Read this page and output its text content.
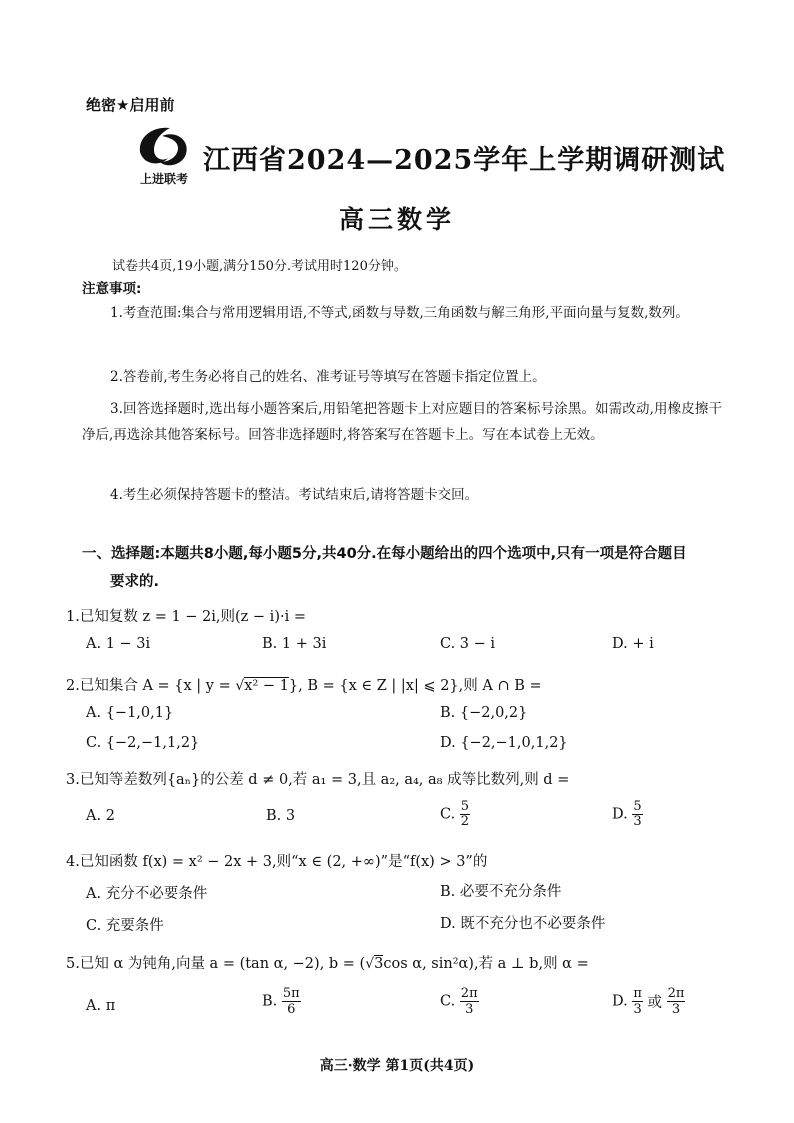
绝密★启用前
上进联考
江西省2024—2025学年上学期调研测试
高三数学
试卷共4页,19小题,满分150分.考试用时120分钟。
注意事项:
1.考查范围:集合与常用逻辑用语,不等式,函数与导数,三角函数与解三角形,平面向量与复数,数列。
2.答卷前,考生务必将自己的姓名、准考证号等填写在答题卡指定位置上。
3.回答选择题时,选出每小题答案后,用铅笔把答题卡上对应题目的答案标号涂黑。如需改动,用橡皮擦干净后,再选涂其他答案标号。回答非选择题时,将答案写在答题卡上。写在本试卷上无效。
4.考生必须保持答题卡的整洁。考试结束后,请将答题卡交回。
一、选择题:本题共8小题,每小题5分,共40分.在每小题给出的四个选项中,只有一项是符合题目
要求的.
1.已知复数 z = 1 − 2i,则(z − i)·i =
A. 1 − 3i	B. 1 + 3i	C. 3 − i	D. + i
2.已知集合 A = {x | y = √x² − 1}, B = {x ∈ Z | |x| ⩽ 2},则 A ∩ B =
A. {−1,0,1}	B. {−2,0,2}
C. {−2,−1,1,2}	D. {−2,−1,0,1,2}
3.已知等差数列{aₙ}的公差 d ≠ 0,若 a₁ = 3,且 a₂, a₄, a₈ 成等比数列,则 d =
A. 2	B. 3	C. $\frac{5}{2}$	D. $\frac{5}{3}$
4.已知函数 f(x) = x² − 2x + 3,则“x ∈ (2, +∞)”是“f(x) > 3”的
A. 充分不必要条件	B. 必要不充分条件
C. 充要条件	D. 既不充分也不必要条件
5.已知 α 为钝角,向量 a = (tan α, −2), b = (√3cos α, sin²α),若 a ⊥ b,则 α =
A. π	B. $\frac{5\pi}{6}$	C. $\frac{2\pi}{3}$	D. $\frac{\pi}{3}$ 或 $\frac{2\pi}{3}$
高三·数学 第1页(共4页)
